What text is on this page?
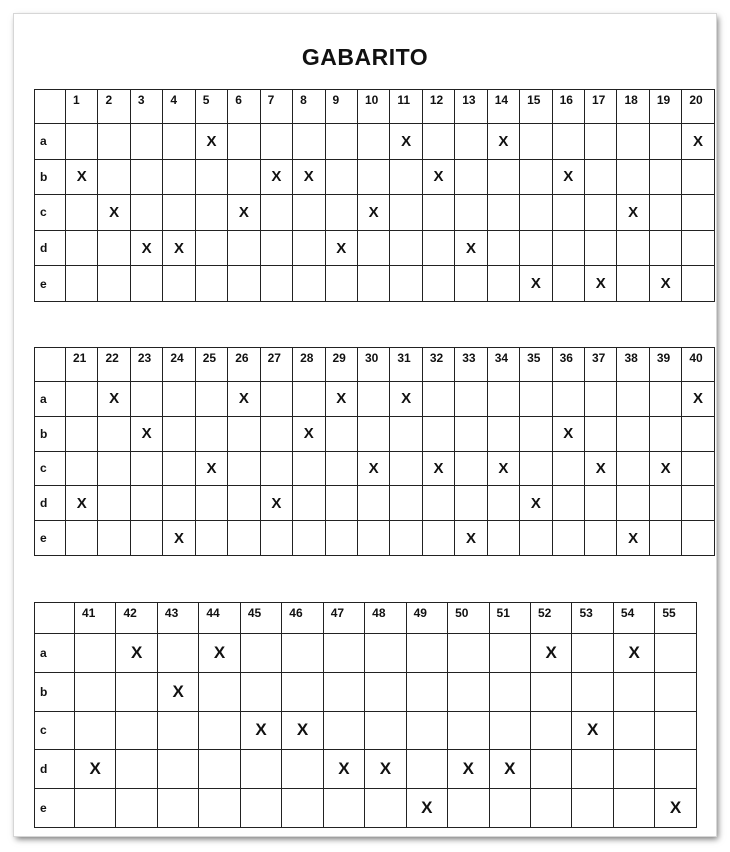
GABARITO
	1	2	3	4	5	6	7	8	9	10	11	12	13	14	15	16	17	18	19	20
a					X						X			X						X
b	X						X	X				X				X				
c		X				X				X								X		
d			X	X					X				X							
e															X		X		X	
	21	22	23	24	25	26	27	28	29	30	31	32	33	34	35	36	37	38	39	40
a		X				X			X		X									X
b			X					X								X				
c					X					X		X		X			X		X	
d	X						X								X					
e				X									X					X		
	41	42	43	44	45	46	47	48	49	50	51	52	53	54	55
a		X		X								X		X	
b			X												
c					X	X							X		
d	X						X	X		X	X				
e									X						X
